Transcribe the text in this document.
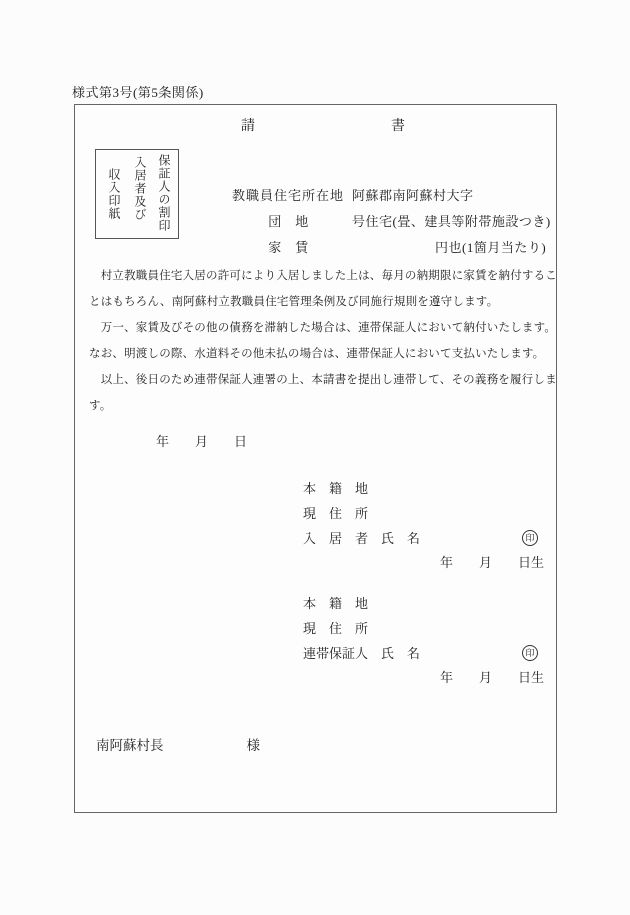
様式第3号(第5条関係)
請	書
収入印紙 入居者及び 保証人の割印	教職員住宅所在地 阿蘇郡南阿蘇村大字

団　地	号住宅(畳、建具等附帯施設つき)

家　賃	円也(1箇月当たり)

　村立教職員住宅入居の許可により入居しました上は、毎月の納期限に家賃を納付するこ
とはもちろん、南阿蘇村立教職員住宅管理条例及び同施行規則を遵守します。
　万一、家賃及びその他の債務を滞納した場合は、連帯保証人において納付いたします。
なお、明渡しの際、水道料その他未払の場合は、連帯保証人において支払いたします。
　以上、後日のため連帯保証人連署の上、本請書を提出し連帯して、その義務を履行しま
す。
年　　月　　日
本　籍　地
現　住　所
入　居　者　氏　名	印
年　　月　　日生
本　籍　地
現　住　所
連帯保証人　氏　名	印
年　　月　　日生
南阿蘇村長	様
